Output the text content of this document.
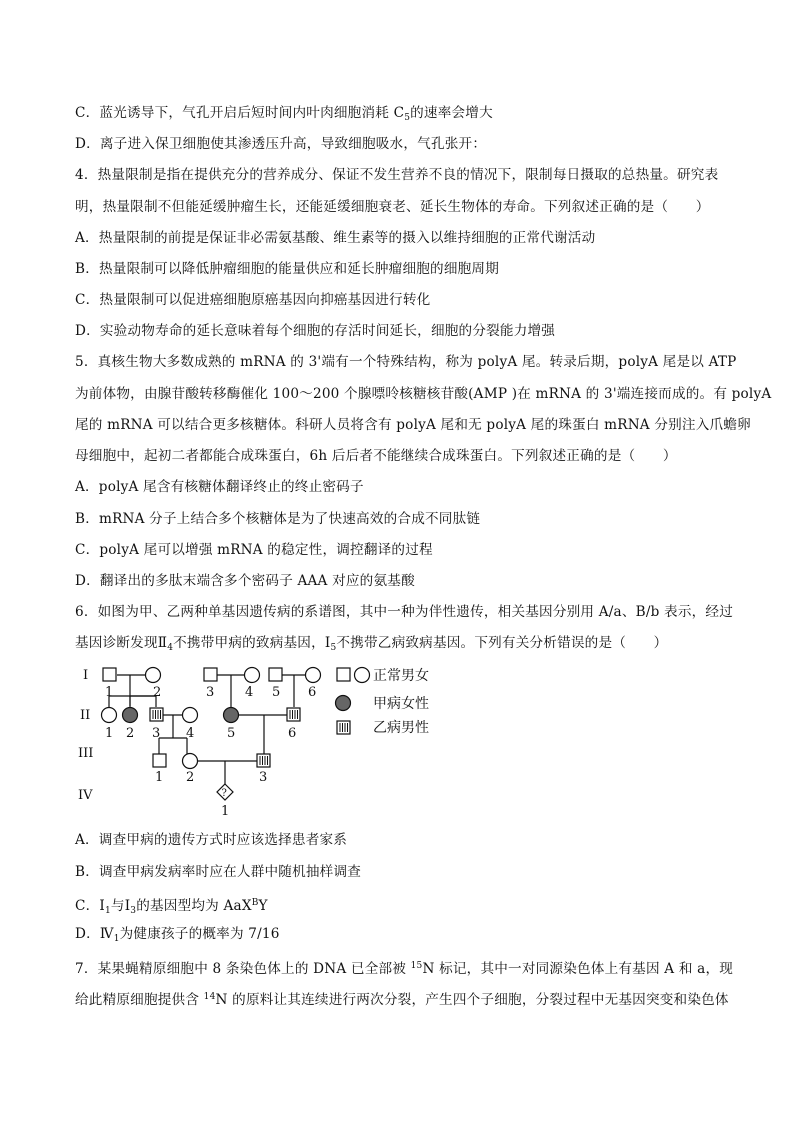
C．蓝光诱导下，气孔开启后短时间内叶肉细胞消耗 $C_5$的速率会增大
D．离子进入保卫细胞使其渗透压升高，导致细胞吸水，气孔张开：
4．热量限制是指在提供充分的营养成分、保证不发生营养不良的情况下，限制每日摄取的总热量。研究表
明，热量限制不但能延缓肿瘤生长，还能延缓细胞衰老、延长生物体的寿命。下列叙述正确的是（　　）
A．热量限制的前提是保证非必需氨基酸、维生素等的摄入以维持细胞的正常代谢活动
B．热量限制可以降低肿瘤细胞的能量供应和延长肿瘤细胞的细胞周期
C．热量限制可以促进癌细胞原癌基因向抑癌基因进行转化
D．实验动物寿命的延长意味着每个细胞的存活时间延长，细胞的分裂能力增强
5．真核生物大多数成熟的 mRNA 的 3'端有一个特殊结构，称为 polyA 尾。转录后期，polyA 尾是以 ATP
为前体物，由腺苷酸转移酶催化 100～200 个腺嘌呤核糖核苷酸(AMP )在 mRNA 的 3'端连接而成的。有 polyA
尾的 mRNA 可以结合更多核糖体。科研人员将含有 polyA 尾和无 polyA 尾的珠蛋白 mRNA 分别注入爪蟾卵
母细胞中，起初二者都能合成珠蛋白，6h 后后者不能继续合成珠蛋白。下列叙述正确的是（　　）
A．polyA 尾含有核糖体翻译终止的终止密码子
B．mRNA 分子上结合多个核糖体是为了快速高效的合成不同肽链
C．polyA 尾可以增强 mRNA 的稳定性，调控翻译的过程
D．翻译出的多肽末端含多个密码子 AAA 对应的氨基酸
6．如图为甲、乙两种单基因遗传病的系谱图，其中一种为伴性遗传，相关基因分别用 A/a、B/b 表示，经过
基因诊断发现$Ⅱ_4$不携带甲病的致病基因，$Ⅰ_5$不携带乙病致病基因。下列有关分析错误的是（　　）
I
II
III
IV
1	2	3 4 5 6
1 2 3 4	5	6
1 2	3
?
1
正常男女
甲病女性
乙病男性
A．调查甲病的遗传方式时应该选择患者家系
B．调查甲病发病率时应在人群中随机抽样调查
C．$Ⅰ_1$与$Ⅰ_3$的基因型均为 AaX$^B$Y
D．$Ⅳ_1$为健康孩子的概率为 7/16
7．某果蝇精原细胞中 8 条染色体上的 DNA 已全部被 $^{15}$N 标记，其中一对同源染色体上有基因 A 和 a，现
给此精原细胞提供含 $^{14}$N 的原料让其连续进行两次分裂，产生四个子细胞，分裂过程中无基因突变和染色体
